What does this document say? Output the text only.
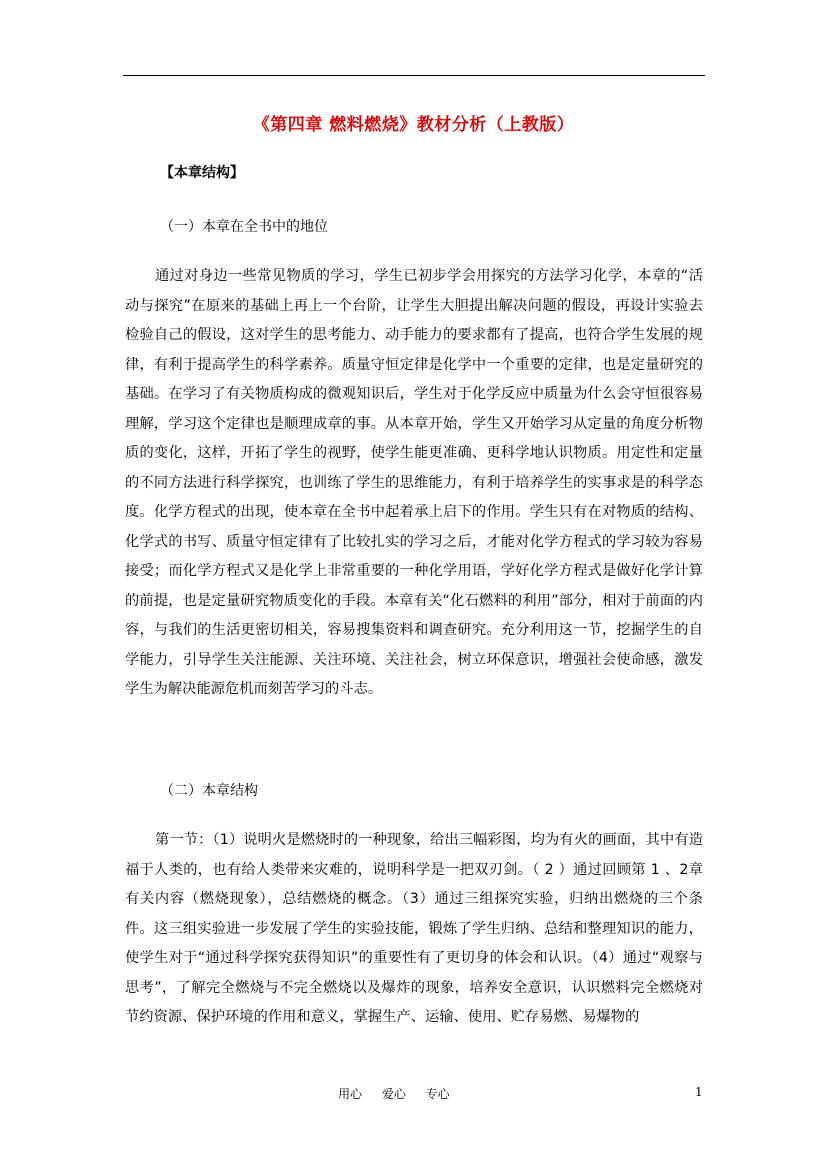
《第四章 燃料燃烧》教材分析（上教版）
【本章结构】
（一）本章在全书中的地位

通过对身边一些常见物质的学习，学生已初步学会用探究的方法学习化学，本章的“活动与探究”在原来的基础上再上一个台阶，让学生大胆提出解决问题的假设，再设计实验去检验自己的假设，这对学生的思考能力、动手能力的要求都有了提高，也符合学生发展的规律，有利于提高学生的科学素养。质量守恒定律是化学中一个重要的定律，也是定量研究的基础。在学习了有关物质构成的微观知识后，学生对于化学反应中质量为什么会守恒很容易理解，学习这个定律也是顺理成章的事。从本章开始，学生又开始学习从定量的角度分析物质的变化，这样，开拓了学生的视野，使学生能更准确、更科学地认识物质。用定性和定量的不同方法进行科学探究，也训练了学生的思维能力，有利于培养学生的实事求是的科学态度。化学方程式的出现，使本章在全书中起着承上启下的作用。学生只有在对物质的结构、化学式的书写、质量守恒定律有了比较扎实的学习之后，才能对化学方程式的学习较为容易接受；而化学方程式又是化学上非常重要的一种化学用语，学好化学方程式是做好化学计算的前提，也是定量研究物质变化的手段。本章有关“化石燃料的利用”部分，相对于前面的内容，与我们的生活更密切相关，容易搜集资料和调查研究。充分利用这一节，挖掘学生的自学能力，引导学生关注能源、关注环境、关注社会，树立环保意识，增强社会使命感，激发学生为解决能源危机而刻苦学习的斗志。

（二）本章结构

第一节：（1）说明火是燃烧时的一种现象，给出三幅彩图，均为有火的画面，其中有造福于人类的，也有给人类带来灾难的，说明科学是一把双刃剑。（ 2 ）通过回顾第 1 、2章有关内容（燃烧现象），总结燃烧的概念。（3）通过三组探究实验，归纳出燃烧的三个条件。这三组实验进一步发展了学生的实验技能，锻炼了学生归纳、总结和整理知识的能力，使学生对于“通过科学探究获得知识”的重要性有了更切身的体会和认识。（4）通过“观察与思考”，了解完全燃烧与不完全燃烧以及爆炸的现象，培养安全意识，认识燃料完全燃烧对节约资源、保护环境的作用和意义，掌握生产、运输、使用、贮存易燃、易爆物的

用心 爱心 专心	1
